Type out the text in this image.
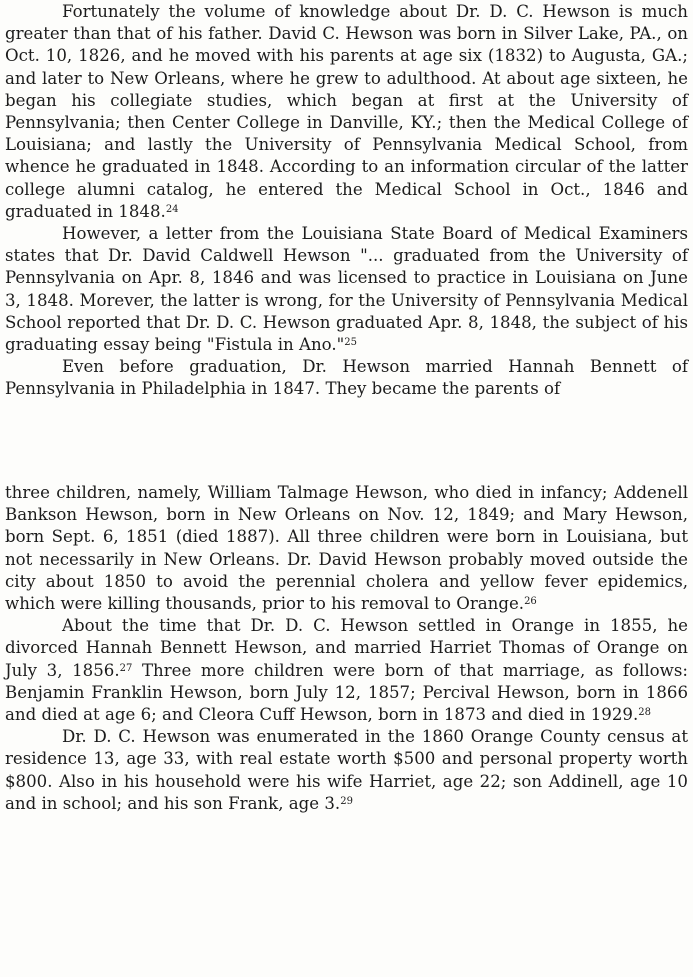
Fortunately the volume of knowledge about Dr. D. C. Hewson is much greater than that of his father. David C. Hewson was born in Silver Lake, PA., on Oct. 10, 1826, and he moved with his parents at age six (1832) to Augusta, GA.; and later to New Orleans, where he grew to adulthood. At about age sixteen, he began his collegiate studies, which began at first at the University of Pennsylvania; then Center College in Danville, KY.; then the Medical College of Louisiana; and lastly the University of Pennsylvania Medical School, from whence he graduated in 1848. According to an information circular of the latter college alumni catalog, he entered the Medical School in Oct., 1846 and graduated in 1848.24

However, a letter from the Louisiana State Board of Medical Examiners states that Dr. David Caldwell Hewson "... graduated from the University of Pennsylvania on Apr. 8, 1846 and was licensed to practice in Louisiana on June 3, 1848. Morever, the latter is wrong, for the University of Pennsylvania Medical School reported that Dr. D. C. Hewson graduated Apr. 8, 1848, the subject of his graduating essay being "Fistula in Ano."$^{25}$

Even before graduation, Dr. Hewson married Hannah Bennett of Pennsylvania in Philadelphia in 1847. They became the parents of

three children, namely, William Talmage Hewson, who died in infancy; Addenell Bankson Hewson, born in New Orleans on Nov. 12, 1849; and Mary Hewson, born Sept. 6, 1851 (died 1887). All three children were born in Louisiana, but not necessarily in New Orleans. Dr. David Hewson probably moved outside the city about 1850 to avoid the perennial cholera and yellow fever epidemics, which were killing thousands, prior to his removal to Orange.$^{26}$

About the time that Dr. D. C. Hewson settled in Orange in 1855, he divorced Hannah Bennett Hewson, and married Harriet Thomas of Orange on July 3, 1856.27 Three more children were born of that marriage, as follows: Benjamin Franklin Hewson, born July 12, 1857; Percival Hewson, born in 1866 and died at age 6; and Cleora Cuff Hewson, born in 1873 and died in 1929.28

Dr. D. C. Hewson was enumerated in the 1860 Orange County census at residence 13, age 33, with real estate worth $500 and personal property worth $800. Also in his household were his wife Harriet, age 22; son Addinell, age 10 and in school; and his son Frank, age 3.29
